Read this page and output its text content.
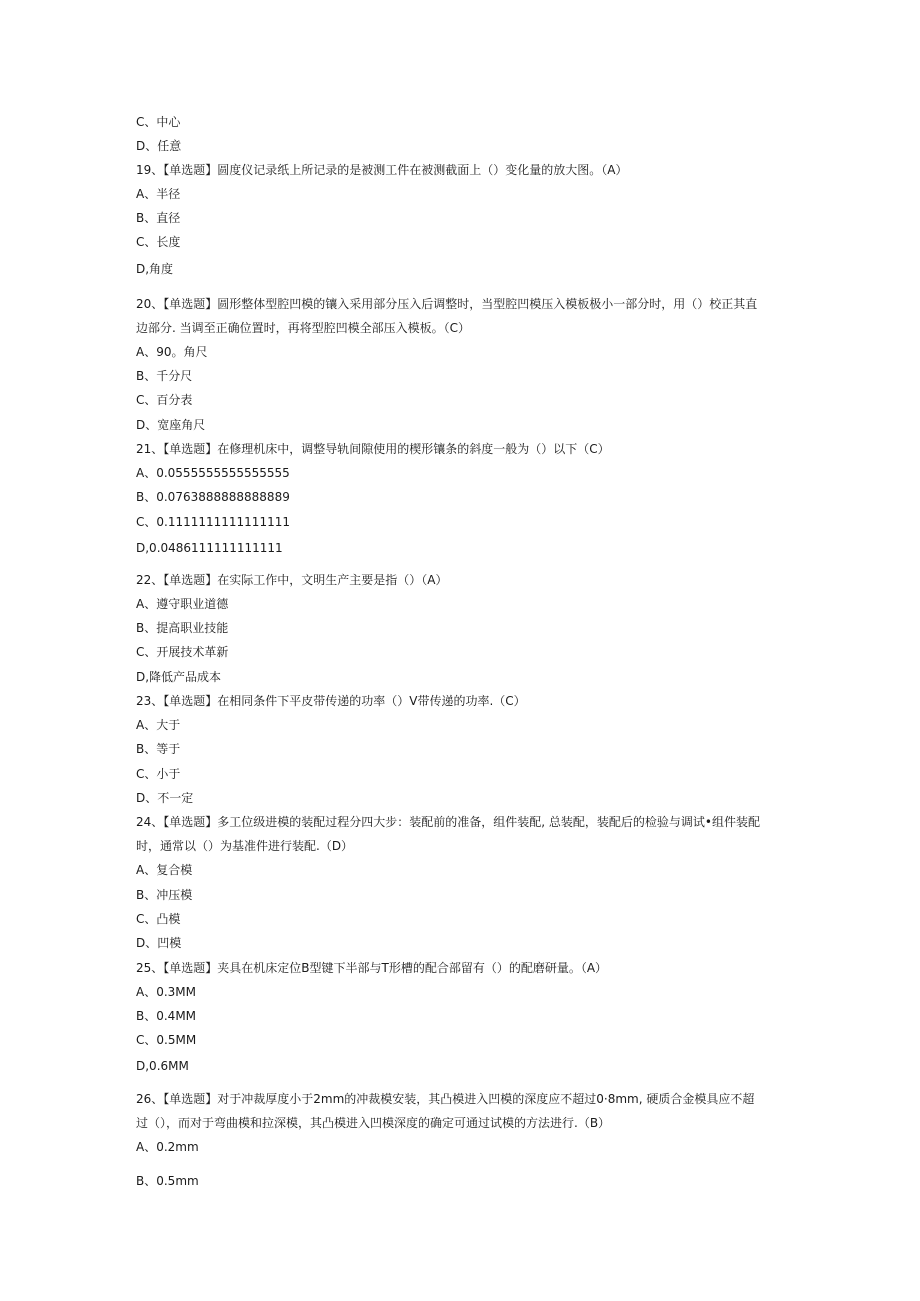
C、中心
D、任意
19、【单选题】圆度仪记录纸上所记录的是被测工件在被测截面上（）变化量的放大图。（A）
A、半径
B、直径
C、长度
D,角度
20、【单选题】圆形整体型腔凹模的镶入采用部分压入后调整时，当型腔凹模压入模板极小一部分时，用（）校正其直
边部分. 当调至正确位置时，再将型腔凹模全部压入模板。（C）
A、90。角尺
B、千分尺
C、百分表
D、宽座角尺
21、【单选题】在修理机床中，调整导轨间隙使用的楔形镶条的斜度一般为（）以下（C）
A、0.0555555555555555
B、0.0763888888888889
C、0.1111111111111111
D,0.0486111111111111
22、【单选题】在实际工作中，文明生产主要是指（）（A）
A、遵守职业道德
B、提高职业技能
C、开展技术革新
D,降低产品成本
23、【单选题】在相同条件下平皮带传递的功率（）V带传递的功率.（C）
A、大于
B、等于
C、小于
D、不一定
24、【单选题】多工位级进模的装配过程分四大步：装配前的准备，组件装配, 总装配，装配后的检验与调试•组件装配
时，通常以（）为基准件进行装配.（D）
A、复合模
B、冲压模
C、凸模
D、凹模
25、【单选题】夹具在机床定位B型键下半部与T形槽的配合部留有（）的配磨研量。（A）
A、0.3MM
B、0.4MM
C、0.5MM
D,0.6MM
26、【单选题】对于冲裁厚度小于2mm的冲裁模安装，其凸模进入凹模的深度应不超过0·8mm, 硬质合金模具应不超
过（），而对于弯曲模和拉深模，其凸模进入凹模深度的确定可通过试模的方法进行.（B）
A、0.2mm
B、0.5mm
